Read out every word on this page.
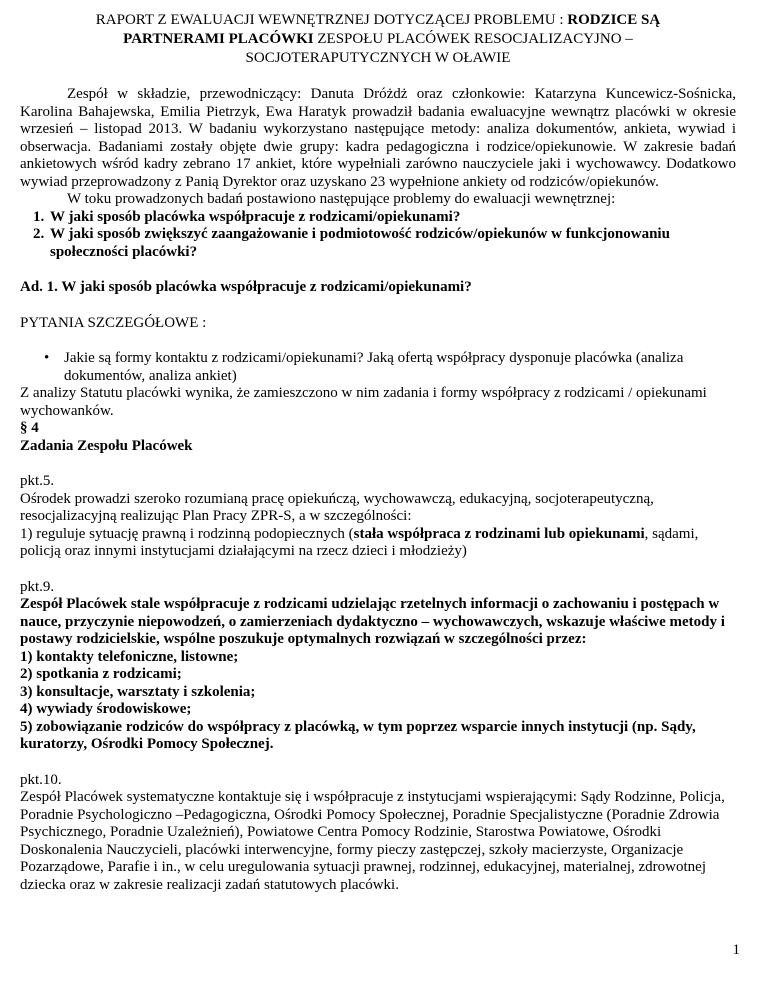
RAPORT Z EWALUACJI WEWNĘTRZNEJ DOTYCZĄCEJ PROBLEMU : RODZICE SĄ
PARTNERAMI PLACÓWKI ZESPOŁU PLACÓWEK RESOCJALIZACYJNO –
SOCJOTERAPUTYCZNYCH W OŁAWIE

Zespół w składzie, przewodniczący: Danuta Dróżdż oraz członkowie: Katarzyna Kuncewicz-Sośnicka, Karolina Bahajewska, Emilia Pietrzyk, Ewa Haratyk prowadził badania ewaluacyjne wewnątrz placówki w okresie wrzesień – listopad 2013. W badaniu wykorzystano następujące metody: analiza dokumentów, ankieta, wywiad i obserwacja. Badaniami zostały objęte dwie grupy: kadra pedagogiczna i rodzice/opiekunowie. W zakresie badań ankietowych wśród kadry zebrano 17 ankiet, które wypełniali zarówno nauczyciele jaki i wychowawcy. Dodatkowo wywiad przeprowadzony z Panią Dyrektor oraz uzyskano 23 wypełnione ankiety od rodziców/opiekunów.

W toku prowadzonych badań postawiono następujące problemy do ewaluacji wewnętrznej:

1. W jaki sposób placówka współpracuje z rodzicami/opiekunami?
2. W jaki sposób zwiększyć zaangażowanie i podmiotowość rodziców/opiekunów w funkcjonowaniu społeczności placówki?

Ad. 1. W jaki sposób placówka współpracuje z rodzicami/opiekunami?

PYTANIA SZCZEGÓŁOWE :

• Jakie są formy kontaktu z rodzicami/opiekunami? Jaką ofertą współpracy dysponuje placówka (analiza dokumentów, analiza ankiet)

Z analizy Statutu placówki wynika, że zamieszczono w nim zadania i formy współpracy z rodzicami / opiekunami wychowanków.

§ 4

Zadania Zespołu Placówek

pkt.5.

Ośrodek prowadzi szeroko rozumianą pracę opiekuńczą, wychowawczą, edukacyjną, socjoterapeutyczną, resocjalizacyjną realizując Plan Pracy ZPR-S, a w szczególności:

1) reguluje sytuację prawną i rodzinną podopiecznych (stała współpraca z rodzinami lub opiekunami, sądami, policją oraz innymi instytucjami działającymi na rzecz dzieci i młodzieży)

pkt.9.

Zespół Placówek stale współpracuje z rodzicami udzielając rzetelnych informacji o zachowaniu i postępach w nauce, przyczynie niepowodzeń, o zamierzeniach dydaktyczno – wychowawczych, wskazuje właściwe metody i postawy rodzicielskie, wspólne poszukuje optymalnych rozwiązań w szczególności przez:

1) kontakty telefoniczne, listowne;

2) spotkania z rodzicami;

3) konsultacje, warsztaty i szkolenia;

4) wywiady środowiskowe;

5) zobowiązanie rodziców do współpracy z placówką, w tym poprzez wsparcie innych instytucji (np. Sądy, kuratorzy, Ośrodki Pomocy Społecznej.

pkt.10.

Zespół Placówek systematyczne kontaktuje się i współpracuje z instytucjami wspierającymi: Sądy Rodzinne, Policja, Poradnie Psychologiczno –Pedagogiczna, Ośrodki Pomocy Społecznej, Poradnie Specjalistyczne (Poradnie Zdrowia Psychicznego, Poradnie Uzależnień), Powiatowe Centra Pomocy Rodzinie, Starostwa Powiatowe, Ośrodki Doskonalenia Nauczycieli, placówki interwencyjne, formy pieczy zastępczej, szkoły macierzyste, Organizacje Pozarządowe, Parafie i in., w celu uregulowania sytuacji prawnej, rodzinnej, edukacyjnej, materialnej, zdrowotnej dziecka oraz w zakresie realizacji zadań statutowych placówki.

1
